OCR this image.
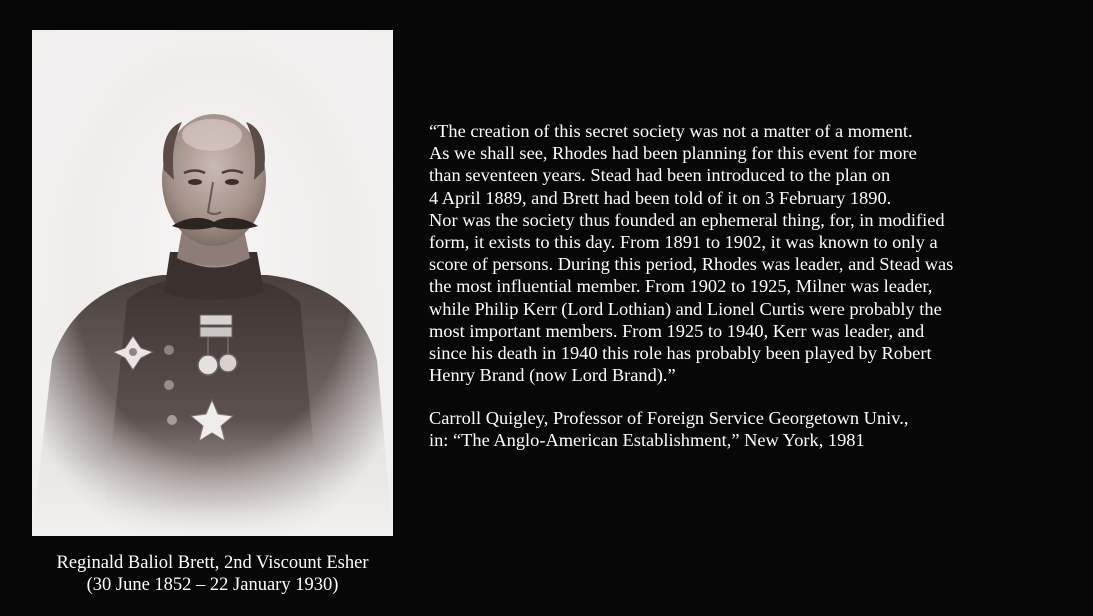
Reginald Baliol Brett, 2nd Viscount Esher
(30 June 1852 – 22 January 1930)
“The creation of this secret society was not a matter of a moment.
As we shall see, Rhodes had been planning for this event for more
than seventeen years. Stead had been introduced to the plan on
4 April 1889, and Brett had been told of it on 3 February 1890.
Nor was the society thus founded an ephemeral thing, for, in modified
form, it exists to this day. From 1891 to 1902, it was known to only a
score of persons. During this period, Rhodes was leader, and Stead was
the most influential member. From 1902 to 1925, Milner was leader,
while Philip Kerr (Lord Lothian) and Lionel Curtis were probably the
most important members. From 1925 to 1940, Kerr was leader, and
since his death in 1940 this role has probably been played by Robert
Henry Brand (now Lord Brand).”
Carroll Quigley, Professor of Foreign Service Georgetown Univ.,
in: “The Anglo-American Establishment,” New York, 1981
